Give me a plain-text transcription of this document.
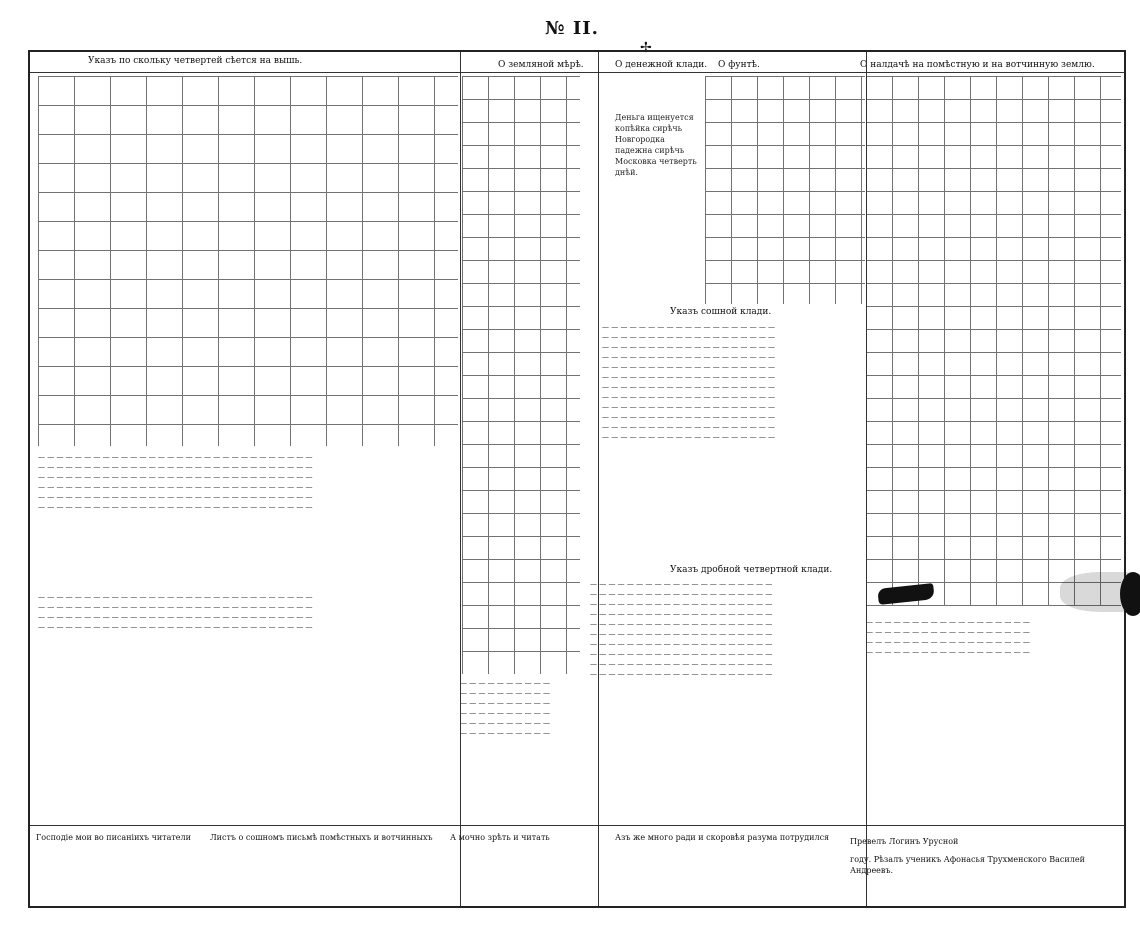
№ II.
✢
Указъ по скольку четвертей сѣется на вышь.	О земляной мѣрѣ.	О денежной клади. О фунтѣ.	О налдачѣ на помѣстную и на вотчинную землю.
Деньга ищенуется копѣйка сирѣчь Новгородка падежна сирѣчь Московка четверть днѣй.
Указъ сошной клади.
— — — — — — — — — — — — — — — — — — —
— — — — — — — — — — — — — — — — — — —
— — — — — — — — — — — — — — — — — — —
— — — — — — — — — — — — — — — — — — —
— — — — — — — — — — — — — — — — — — —
— — — — — — — — — — — — — — — — — — —
— — — — — — — — — — — — — — — — — — —
— — — — — — — — — — — — — — — — — — —
— — — — — — — — — — — — — — — — — — —
— — — — — — — — — — — — — — — — — — —
— — — — — — — — — — — — — — — — — — —
— — — — — — — — — — — — — — — — — — —
Указъ дробной четвертной клади.
— — — — — — — — — — — — — — — — — — — —
— — — — — — — — — — — — — — — — — — — —
— — — — — — — — — — — — — — — — — — — —
— — — — — — — — — — — — — — — — — — — —
— — — — — — — — — — — — — — — — — — — —
— — — — — — — — — — — — — — — — — — — —
— — — — — — — — — — — — — — — — — — — —
— — — — — — — — — — — — — — — — — — — —
— — — — — — — — — — — — — — — — — — — —
— — — — — — — — — — — — — — — — — — — —
— — — — — — — — — — — — — — — — — — — — — — — — — — — — — —
— — — — — — — — — — — — — — — — — — — — — — — — — — — — — —
— — — — — — — — — — — — — — — — — — — — — — — — — — — — — —
— — — — — — — — — — — — — — — — — — — — — — — — — — — — — —
— — — — — — — — — — — — — — — — — — — — — — — — — — — — — —
— — — — — — — — — — — — — — — — — — — — — — — — — — — — — —
— — — — — — — — — — — — — — — — — — — — — — — — — — — — — —
— — — — — — — — — — — — — — — — — — — — — — — — — — — — — —
— — — — — — — — — — — — — — — — — — — — — — — — — — — — — —
— — — — — — — — — — — — — — — — — — — — — — — — — — — — — —
— — — — — — — — — —
— — — — — — — — — —
— — — — — — — — — —
— — — — — — — — — —
— — — — — — — — — —
— — — — — — — — — —
— — — — — — — — — — — — — — — — — —
— — — — — — — — — — — — — — — — — —
— — — — — — — — — — — — — — — — — —
— — — — — — — — — — — — — — — — — —
Господіе мои во писаніихъ читатели	Листъ о сошномъ письмѣ помѣстныхъ и вотчинныхъ	А мочно зрѣть и читать	Азъ же много ради и скоровѣя разума потрудился	Превелъ Логинъ Урусной
году. Рѣзалъ ученикъ Афонасья Трухменского Василей Андреевъ.
